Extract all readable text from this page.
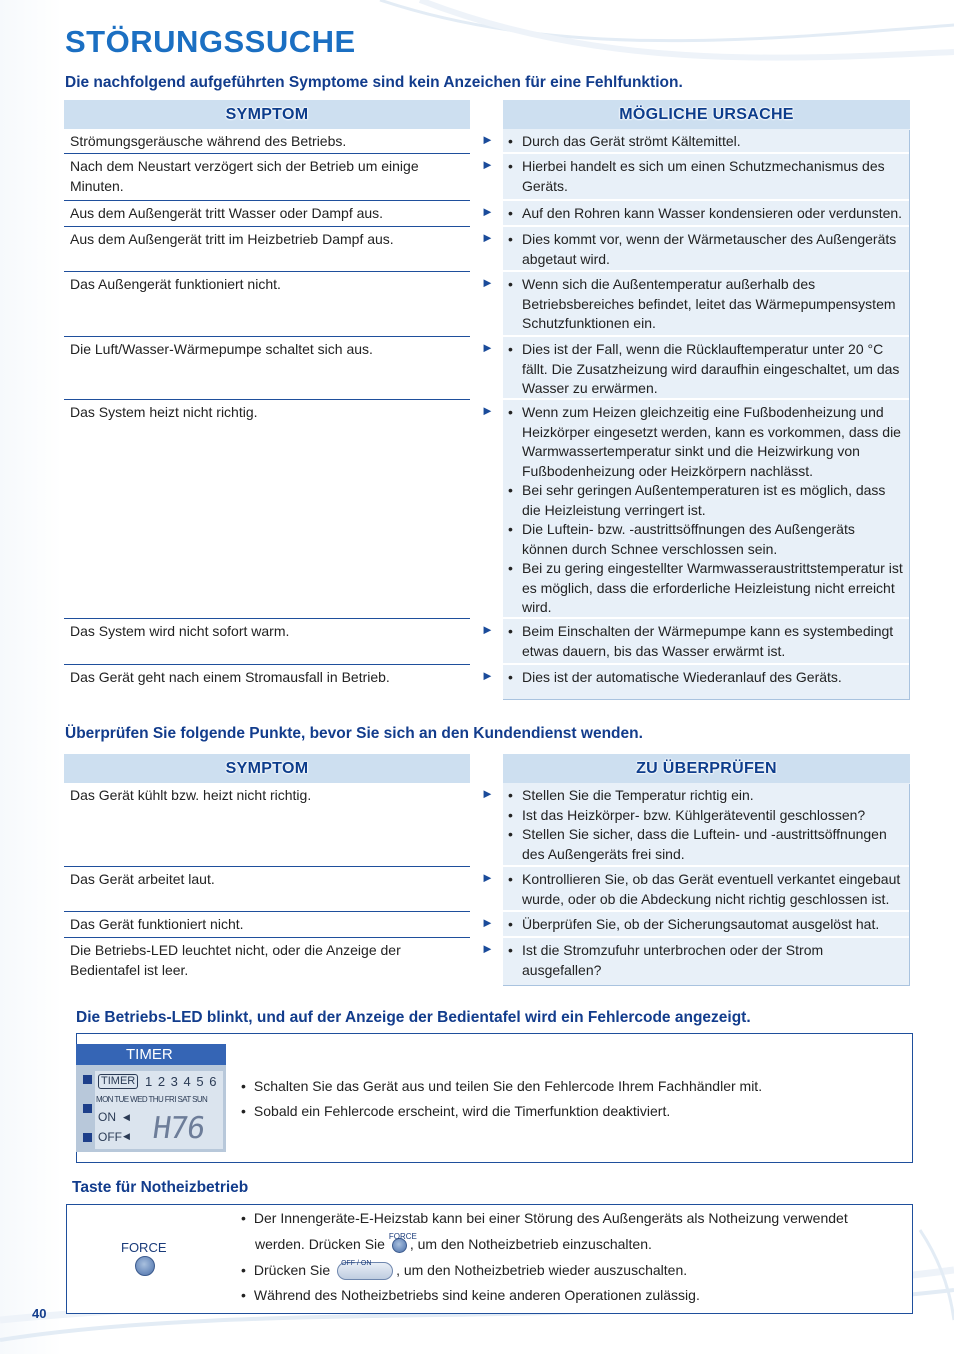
STÖRUNGSSUCHE
Die nachfolgend aufgeführten Symptome sind kein Anzeichen für eine Fehlfunktion.
SYMPTOM	MÖGLICHE URSACHE
Strömungsgeräusche während des Betriebs.	► • Durch das Gerät strömt Kältemittel.
Nach dem Neustart verzögert sich der Betrieb um einige Minuten.
► • Hierbei handelt es sich um einen Schutzmechanismus des Geräts.
Aus dem Außengerät tritt Wasser oder Dampf aus.	► • Auf den Rohren kann Wasser kondensieren oder verdunsten.
Aus dem Außengerät tritt im Heizbetrieb Dampf aus.	► • Dies kommt vor, wenn der Wärmetauscher des Außengeräts abgetaut wird.
Das Außengerät funktioniert nicht.	► • Wenn sich die Außentemperatur außerhalb des Betriebsbereiches befindet, leitet das Wärmepumpensystem Schutzfunktionen ein.
Die Luft/Wasser-Wärmepumpe schaltet sich aus.	► • Dies ist der Fall, wenn die Rücklauftemperatur unter 20 °C fällt. Die Zusatzheizung wird daraufhin eingeschaltet, um das Wasser zu erwärmen.
Das System heizt nicht richtig.	► • Wenn zum Heizen gleichzeitig eine Fußbodenheizung und Heizkörper eingesetzt werden, kann es vorkommen, dass die Warmwassertemperatur sinkt und die Heizwirkung von Fußbodenheizung oder Heizkörpern nachlässt.
• Bei sehr geringen Außentemperaturen ist es möglich, dass die Heizleistung verringert ist.
• Die Luftein- bzw. -austrittsöffnungen des Außengeräts können durch Schnee verschlossen sein.
• Bei zu gering eingestellter Warmwasseraustrittstemperatur ist es möglich, dass die erforderliche Heizleistung nicht erreicht wird.
Das System wird nicht sofort warm.	► • Beim Einschalten der Wärmepumpe kann es systembedingt etwas dauern, bis das Wasser erwärmt ist.
Das Gerät geht nach einem Stromausfall in Betrieb.	► • Dies ist der automatische Wiederanlauf des Geräts.
Überprüfen Sie folgende Punkte, bevor Sie sich an den Kundendienst wenden.
SYMPTOM	ZU ÜBERPRÜFEN
Das Gerät kühlt bzw. heizt nicht richtig.	► • Stellen Sie die Temperatur richtig ein.
• Ist das Heizkörper- bzw. Kühlgeräteventil geschlossen?
• Stellen Sie sicher, dass die Luftein- und -austrittsöffnungen des Außengeräts frei sind.
Das Gerät arbeitet laut.	► • Kontrollieren Sie, ob das Gerät eventuell verkantet eingebaut wurde, oder ob die Abdeckung nicht richtig geschlossen ist.
Das Gerät funktioniert nicht.	► • Überprüfen Sie, ob der Sicherungsautomat ausgelöst hat.
Die Betriebs-LED leuchtet nicht, oder die Anzeige der Bedientafel ist leer.
► • Ist die Stromzufuhr unterbrochen oder der Strom ausgefallen?
Die Betriebs-LED blinkt, und auf der Anzeige der Bedientafel wird ein Fehlercode angezeigt.
TIMER
TIMER 1 2 3 4 5 6
MON TUE WED THU FRI SAT SUN
ON
OFF
◀
◀ H76
• Schalten Sie das Gerät aus und teilen Sie den Fehlercode Ihrem Fachhändler mit.
• Sobald ein Fehlercode erscheint, wird die Timerfunktion deaktiviert.
Taste für Notheizbetrieb
FORCE
• Der Innengeräte-E-Heizstab kann bei einer Störung des Außengeräts als Notheizung verwendet
werden. Drücken Sie FORCE
, um den Notheizbetrieb einzuschalten.
• Drücken Sie OFF / ON , um den Notheizbetrieb wieder auszuschalten.
• Während des Notheizbetriebs sind keine anderen Operationen zulässig.
40
